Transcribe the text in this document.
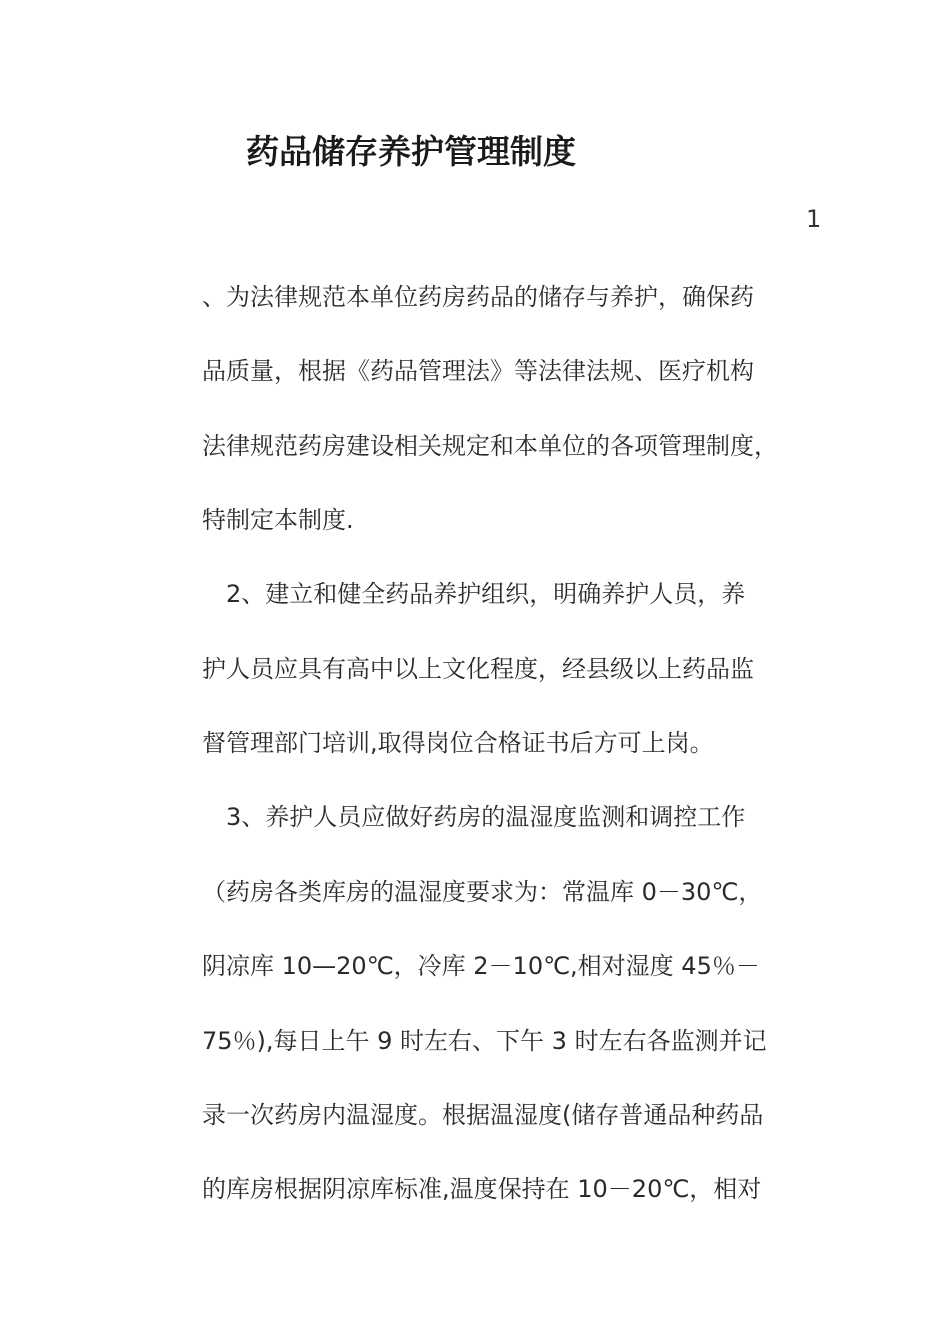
药品储存养护管理制度
1
、为法律规范本单位药房药品的储存与养护，确保药
品质量，根据《药品管理法》等法律法规、医疗机构
法律规范药房建设相关规定和本单位的各项管理制度，
特制定本制度.
　2、建立和健全药品养护组织，明确养护人员，养
护人员应具有高中以上文化程度，经县级以上药品监
督管理部门培训,取得岗位合格证书后方可上岗。
　3、养护人员应做好药房的温湿度监测和调控工作
（药房各类库房的温湿度要求为：常温库 0－30℃，
阴凉库 10—20℃，冷库 2－10℃,相对湿度 45％－
75％),每日上午 9 时左右、下午 3 时左右各监测并记
录一次药房内温湿度。根据温湿度(储存普通品种药品
的库房根据阴凉库标准,温度保持在 10－20℃，相对
